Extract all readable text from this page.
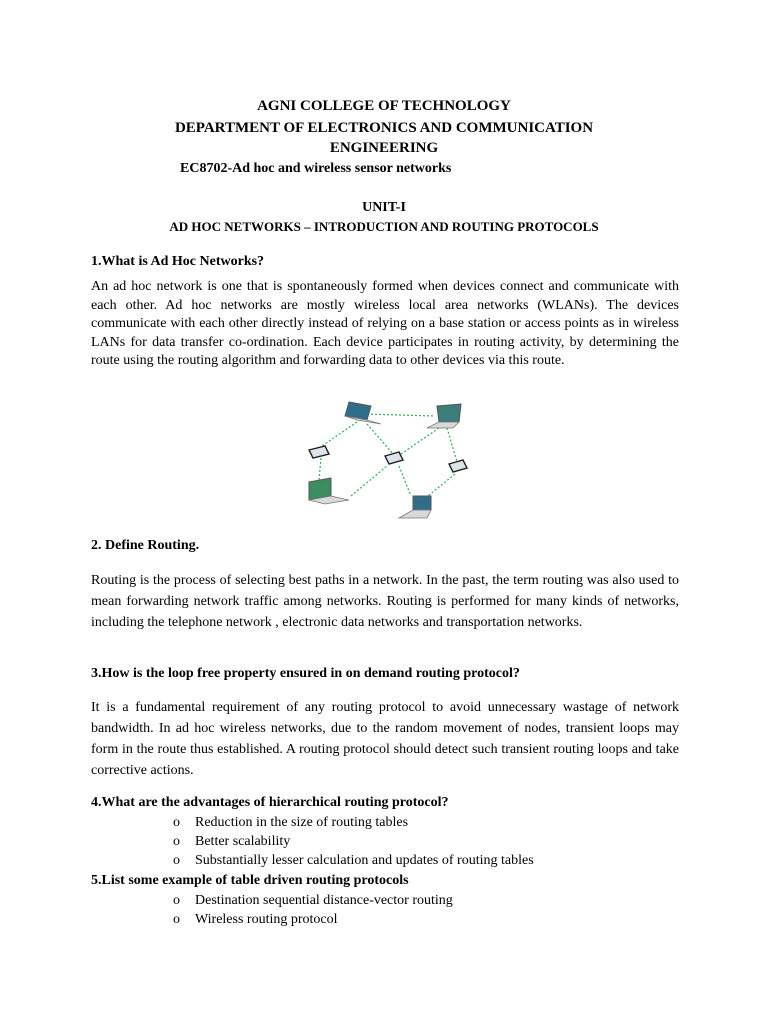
AGNI COLLEGE OF TECHNOLOGY
DEPARTMENT OF ELECTRONICS AND COMMUNICATION
ENGINEERING
EC8702-Ad hoc and wireless sensor networks
UNIT-I
AD HOC NETWORKS – INTRODUCTION AND ROUTING PROTOCOLS
1.What is Ad Hoc Networks?
An ad hoc network is one that is spontaneously formed when devices connect and communicate with each other. Ad hoc networks are mostly wireless local area networks (WLANs). The devices communicate with each other directly instead of relying on a base station or access points as in wireless LANs for data transfer co-ordination. Each device participates in routing activity, by determining the route using the routing algorithm and forwarding data to other devices via this route.
2. Define Routing.
Routing is the process of selecting best paths in a network. In the past, the term routing was also used to mean forwarding network traffic among networks. Routing is performed for many kinds of networks, including the telephone network , electronic data networks and transportation networks.
3.How is the loop free property ensured in on demand routing protocol?
It is a fundamental requirement of any routing protocol to avoid unnecessary wastage of network bandwidth. In ad hoc wireless networks, due to the random movement of nodes, transient loops may form in the route thus established. A routing protocol should detect such transient routing loops and take corrective actions.
4.What are the advantages of hierarchical routing protocol?
o Reduction in the size of routing tables
o Better scalability
o Substantially lesser calculation and updates of routing tables
5.List some example of table driven routing protocols
o Destination sequential distance-vector routing
o Wireless routing protocol
